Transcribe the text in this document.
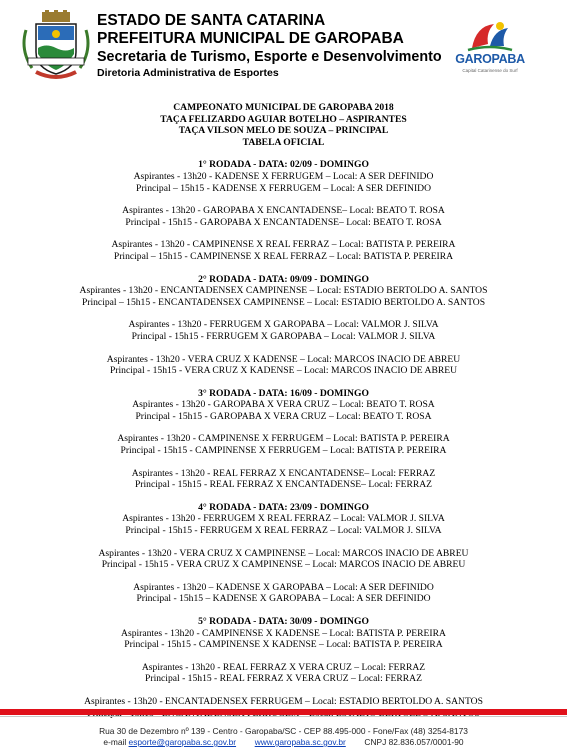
ESTADO DE SANTA CATARINA

PREFEITURA MUNICIPAL DE GAROPABA

Secretaria de Turismo, Esporte e Desenvolvimento

Diretoria Administrativa de Esportes

GAROPABA
Capital Catarinense do Surf

CAMPEONATO MUNICIPAL DE GAROPABA 2018

TAÇA FELIZARDO AGUIAR BOTELHO – ASPIRANTES

TAÇA VILSON MELO DE SOUZA – PRINCIPAL

TABELA OFICIAL

1° RODADA - DATA: 02/09 - DOMINGO

Aspirantes - 13h20 - KADENSE X FERRUGEM – Local: A SER DEFINIDO

Principal – 15h15 - KADENSE X FERRUGEM – Local: A SER DEFINIDO

Aspirantes - 13h20 - GAROPABA X ENCANTADENSE– Local: BEATO T. ROSA

Principal - 15h15 - GAROPABA X ENCANTADENSE– Local: BEATO T. ROSA

Aspirantes - 13h20 - CAMPINENSE X REAL FERRAZ – Local: BATISTA P. PEREIRA

Principal – 15h15 - CAMPINENSE X REAL FERRAZ – Local: BATISTA P. PEREIRA

2° RODADA - DATA: 09/09 - DOMINGO

Aspirantes - 13h20 - ENCANTADENSEX CAMPINENSE – Local: ESTADIO BERTOLDO A. SANTOS

Principal – 15h15 - ENCANTADENSEX CAMPINENSE – Local: ESTADIO BERTOLDO A. SANTOS

Aspirantes - 13h20 - FERRUGEM X GAROPABA – Local: VALMOR J. SILVA

Principal - 15h15 - FERRUGEM X GAROPABA – Local: VALMOR J. SILVA

Aspirantes - 13h20 - VERA CRUZ X KADENSE – Local: MARCOS INACIO DE ABREU

Principal - 15h15 - VERA CRUZ X KADENSE – Local: MARCOS INACIO DE ABREU

3° RODADA - DATA: 16/09 - DOMINGO

Aspirantes - 13h20 - GAROPABA X VERA CRUZ – Local: BEATO T. ROSA

Principal - 15h15 - GAROPABA X VERA CRUZ – Local: BEATO T. ROSA

Aspirantes - 13h20 - CAMPINENSE X FERRUGEM – Local: BATISTA P. PEREIRA

Principal - 15h15 - CAMPINENSE X FERRUGEM – Local: BATISTA P. PEREIRA

Aspirantes - 13h20 - REAL FERRAZ X ENCANTADENSE– Local: FERRAZ

Principal - 15h15 - REAL FERRAZ X ENCANTADENSE– Local: FERRAZ

4° RODADA - DATA: 23/09 - DOMINGO

Aspirantes - 13h20 - FERRUGEM X REAL FERRAZ – Local: VALMOR J. SILVA

Principal - 15h15 - FERRUGEM X REAL FERRAZ – Local: VALMOR J. SILVA

Aspirantes - 13h20 - VERA CRUZ X CAMPINENSE – Local: MARCOS INACIO DE ABREU

Principal - 15h15 - VERA CRUZ X CAMPINENSE – Local: MARCOS INACIO DE ABREU

Aspirantes - 13h20 – KADENSE X GAROPABA – Local: A SER DEFINIDO

Principal - 15h15 – KADENSE X GAROPABA – Local: A SER DEFINIDO

5° RODADA - DATA: 30/09 - DOMINGO

Aspirantes - 13h20 - CAMPINENSE X KADENSE – Local: BATISTA P. PEREIRA

Principal - 15h15 - CAMPINENSE X KADENSE – Local: BATISTA P. PEREIRA

Aspirantes - 13h20 - REAL FERRAZ X VERA CRUZ – Local: FERRAZ

Principal - 15h15 - REAL FERRAZ X VERA CRUZ – Local: FERRAZ

Aspirantes - 13h20 - ENCANTADENSEX FERRUGEM – Local: ESTADIO BERTOLDO A. SANTOS

Rua 30 de Dezembro nº 139 - Centro - Garopaba/SC - CEP 88.495-000 - Fone/Fax (48) 3254-8173

e-mail esporte@garopaba.sc.gov.br www.garopaba.sc.gov.br CNPJ 82.836.057/0001-90
